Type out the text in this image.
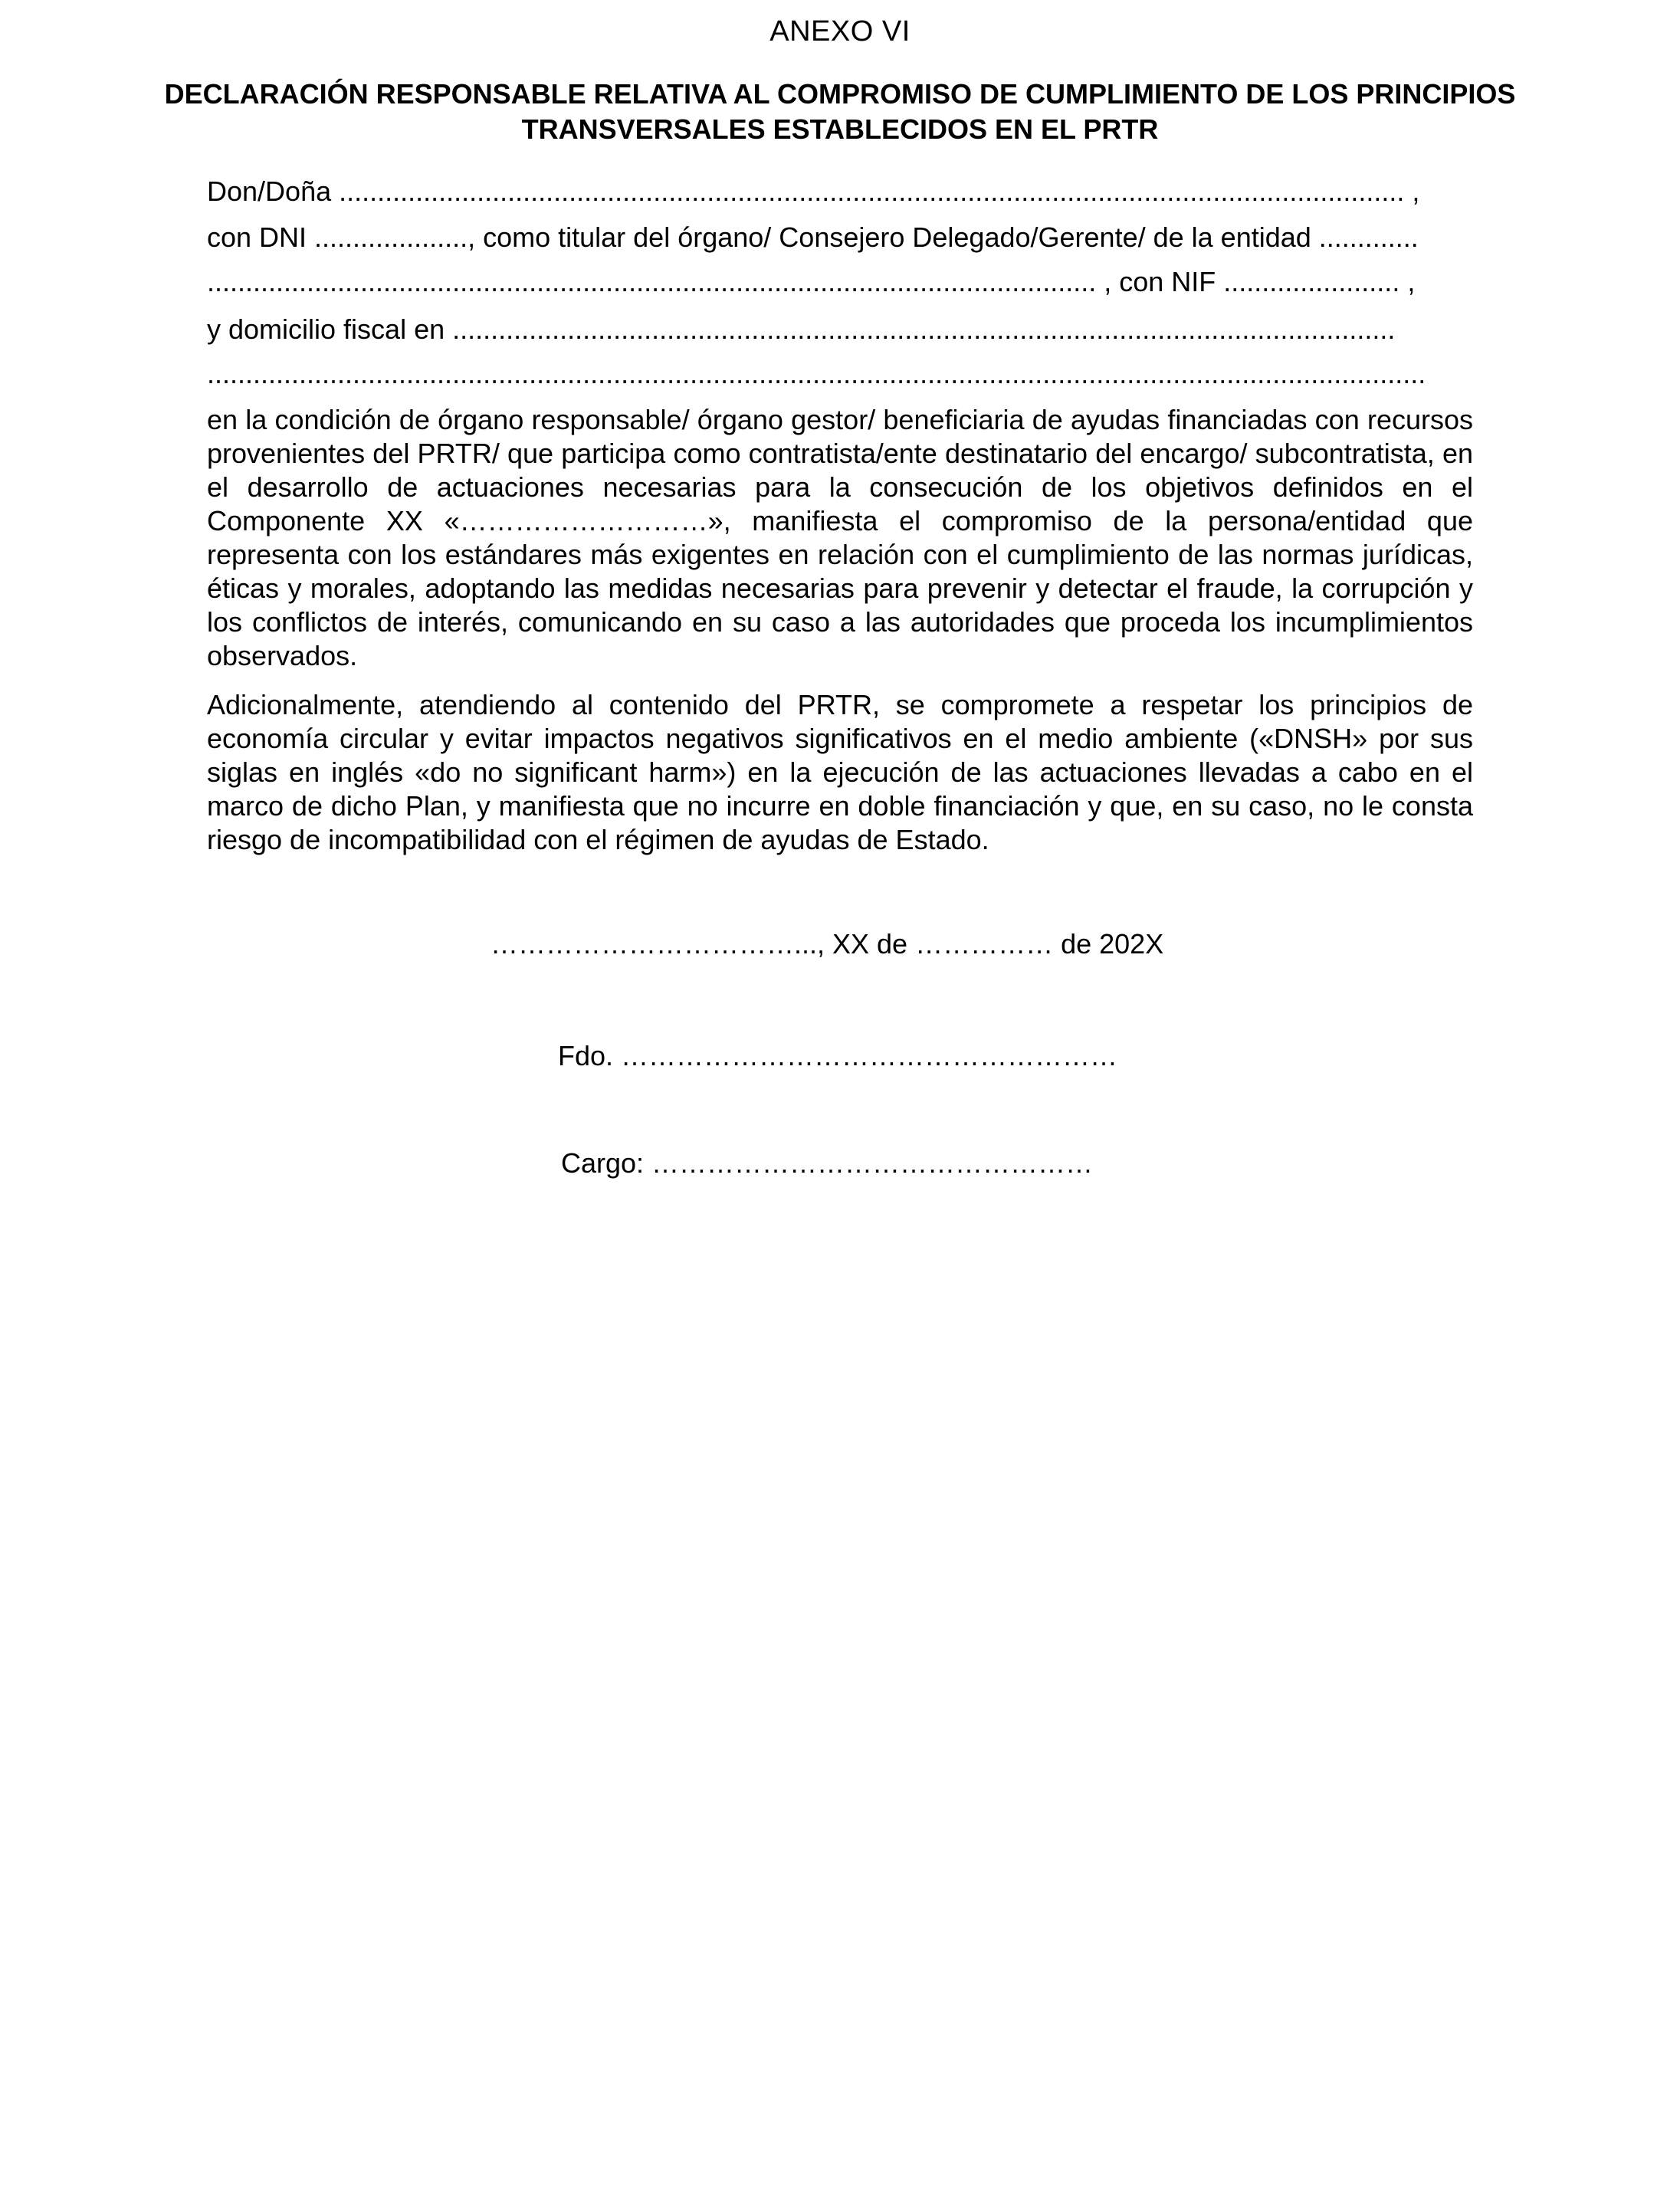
ANEXO VI
DECLARACIÓN RESPONSABLE RELATIVA AL COMPROMISO DE CUMPLIMIENTO DE LOS PRINCIPIOS TRANSVERSALES ESTABLECIDOS EN EL PRTR
Don/Doña ........................................................................................................................................... ,
con DNI ...................., como titular del órgano/ Consejero Delegado/Gerente/ de la entidad .............
.................................................................................................................... , con NIF ....................... ,
y domicilio fiscal en ...........................................................................................................................
...............................................................................................................................................................

en la condición de órgano responsable/ órgano gestor/ beneficiaria de ayudas financiadas con recursos provenientes del PRTR/ que participa como contratista/ente destinatario del encargo/ subcontratista, en el desarrollo de actuaciones necesarias para la consecución de los objetivos definidos en el Componente XX «………………………», manifiesta el compromiso de la persona/entidad que representa con los estándares más exigentes en relación con el cumplimiento de las normas jurídicas, éticas y morales, adoptando las medidas necesarias para prevenir y detectar el fraude, la corrupción y los conflictos de interés, comunicando en su caso a las autoridades que proceda los incumplimientos observados.

Adicionalmente, atendiendo al contenido del PRTR, se compromete a respetar los principios de economía circular y evitar impactos negativos significativos en el medio ambiente («DNSH» por sus siglas en inglés «do no significant harm») en la ejecución de las actuaciones llevadas a cabo en el marco de dicho Plan, y manifiesta que no incurre en doble financiación y que, en su caso, no le consta riesgo de incompatibilidad con el régimen de ayudas de Estado.

……………………………..., XX de …………… de 202X
Fdo. ………………………………………………
Cargo: …………………………………………
